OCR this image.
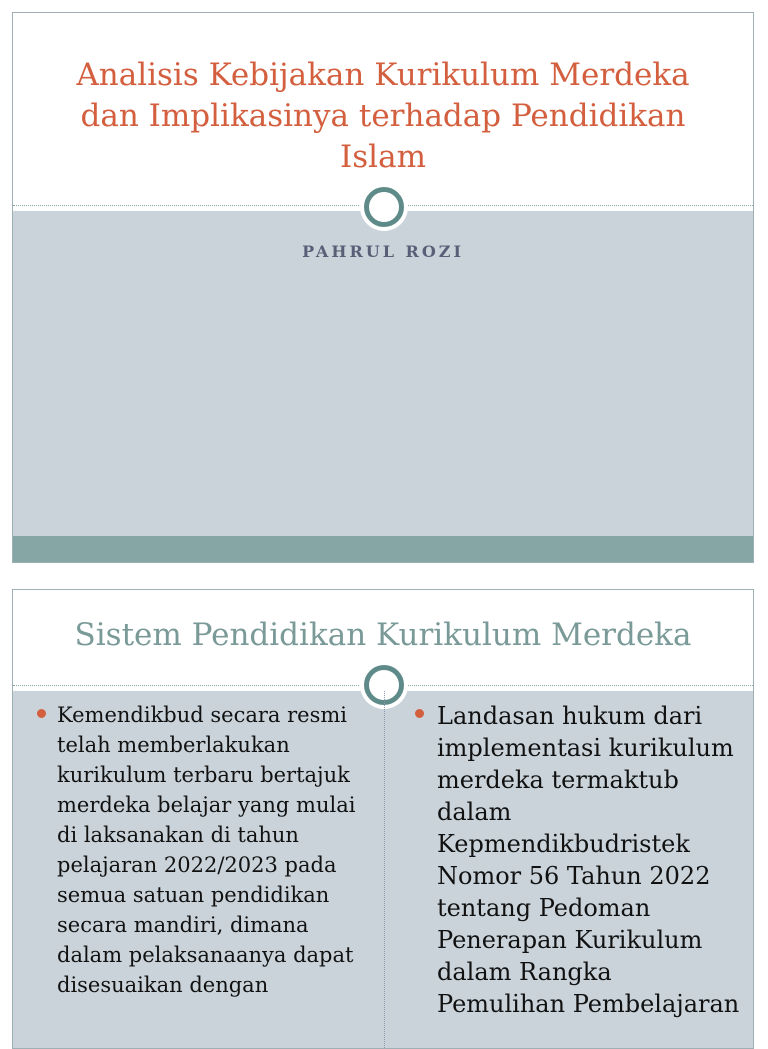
Analisis Kebijakan Kurikulum Merdeka dan Implikasinya terhadap Pendidikan Islam
PAHRUL ROZI
Sistem Pendidikan Kurikulum Merdeka
Kemendikbud secara resmi telah memberlakukan kurikulum terbaru bertajuk merdeka belajar yang mulai di laksanakan di tahun pelajaran 2022/2023 pada semua satuan pendidikan secara mandiri, dimana dalam pelaksanaanya dapat disesuaikan dengan
Landasan hukum dari implementasi kurikulum merdeka termaktub dalam Kepmendikbudristek Nomor 56 Tahun 2022 tentang Pedoman Penerapan Kurikulum dalam Rangka Pemulihan Pembelajaran
